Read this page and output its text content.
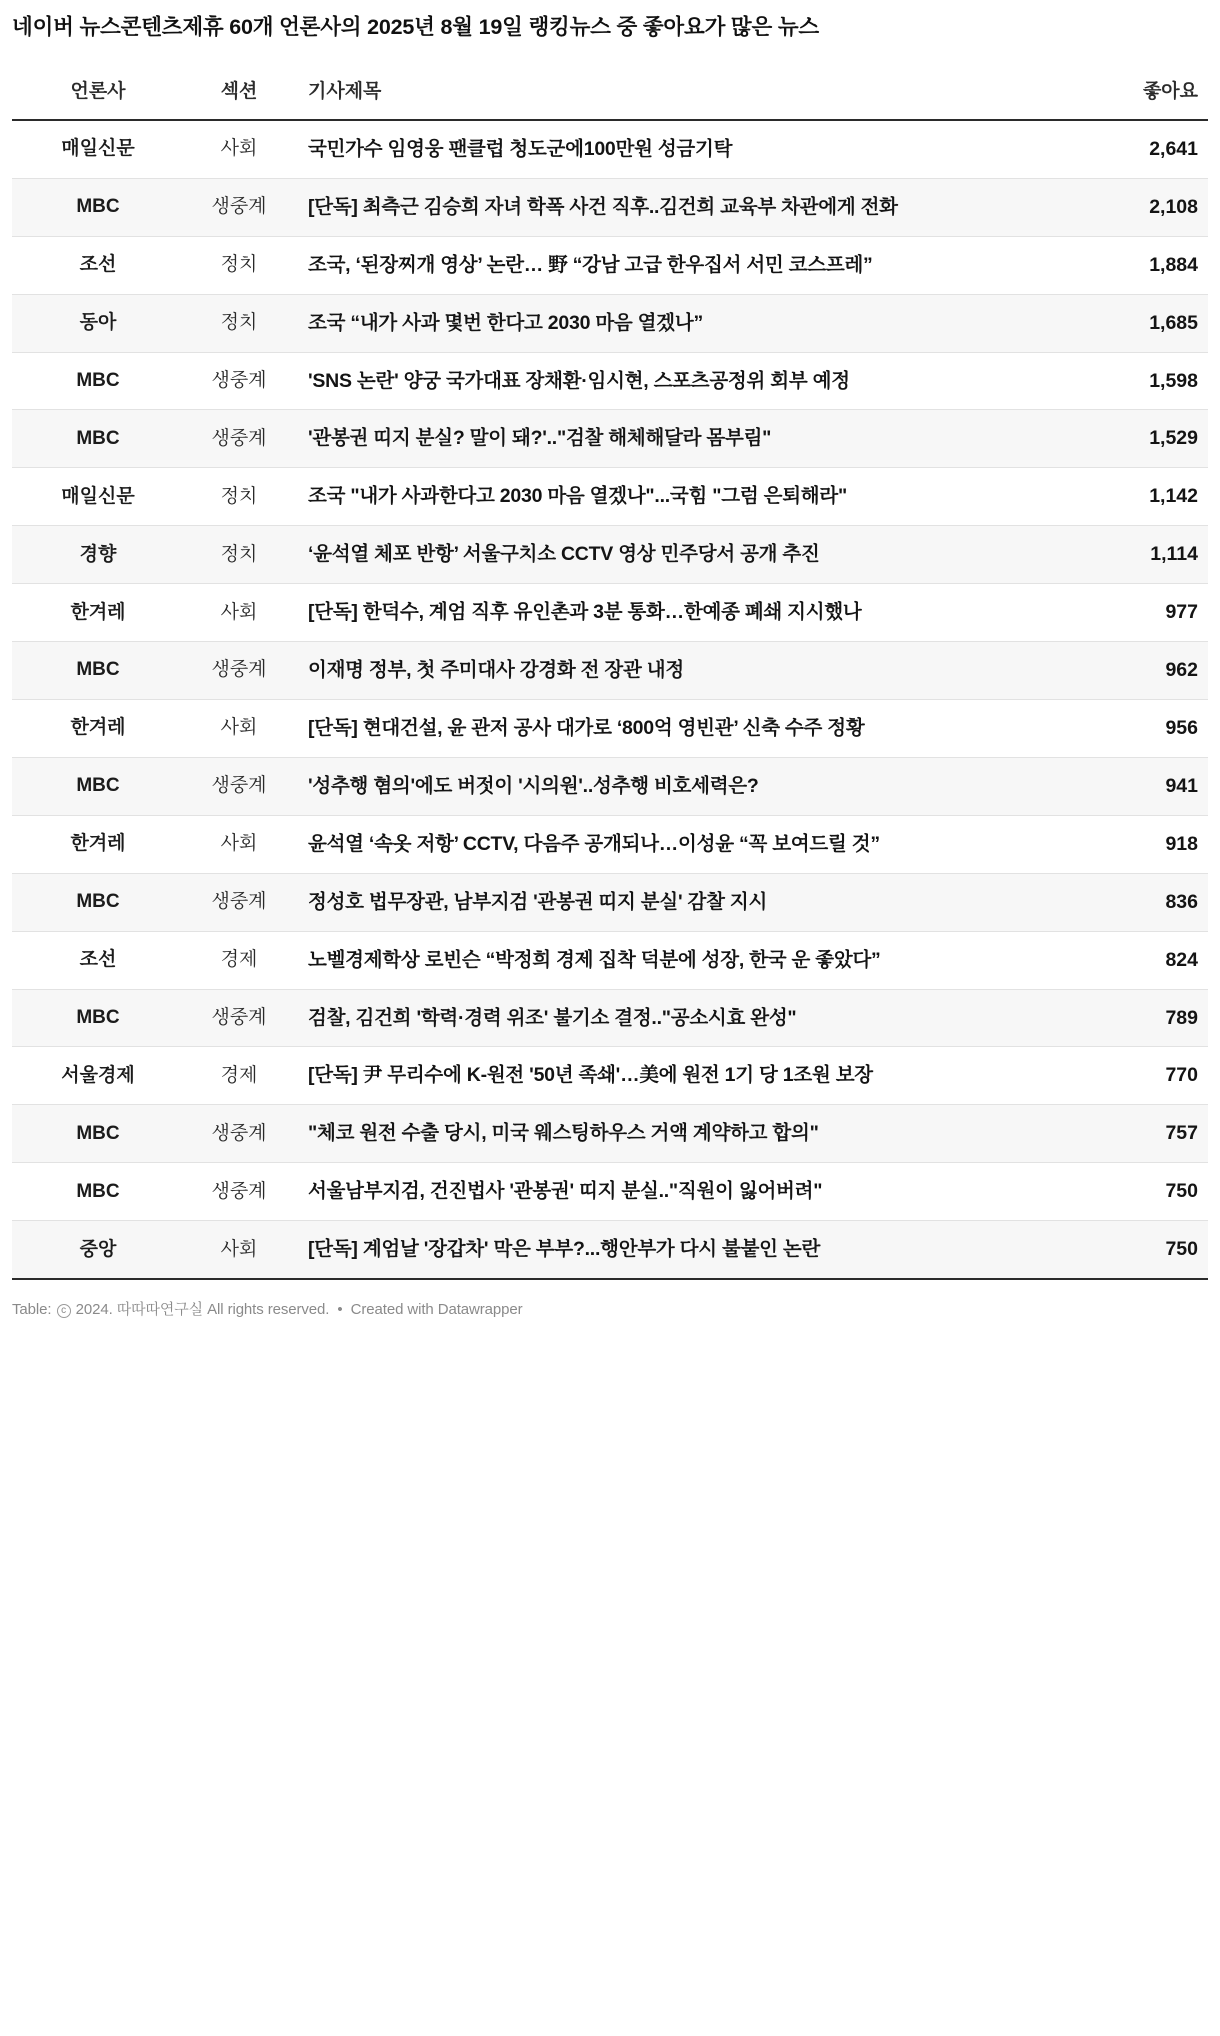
네이버 뉴스콘텐츠제휴 60개 언론사의 2025년 8월 19일 랭킹뉴스 중 좋아요가 많은 뉴스
언론사	섹션	기사제목	좋아요
매일신문	사회	국민가수 임영웅 팬클럽 청도군에100만원 성금기탁	2,641
MBC	생중계	[단독] 최측근 김승희 자녀 학폭 사건 직후..김건희 교육부 차관에게 전화	2,108
조선	정치	조국, ‘된장찌개 영상’ 논란… 野 “강남 고급 한우집서 서민 코스프레”	1,884
동아	정치	조국 “내가 사과 몇번 한다고 2030 마음 열겠나”	1,685
MBC	생중계	'SNS 논란' 양궁 국가대표 장채환·임시현, 스포츠공정위 회부 예정	1,598
MBC	생중계	'관봉권 띠지 분실? 말이 돼?'.."검찰 해체해달라 몸부림"	1,529
매일신문	정치	조국 "내가 사과한다고 2030 마음 열겠나"...국힘 "그럼 은퇴해라"	1,142
경향	정치	‘윤석열 체포 반항’ 서울구치소 CCTV 영상 민주당서 공개 추진	1,114
한겨레	사회	[단독] 한덕수, 계엄 직후 유인촌과 3분 통화…한예종 폐쇄 지시했나	977
MBC	생중계	이재명 정부, 첫 주미대사 강경화 전 장관 내정	962
한겨레	사회	[단독] 현대건설, 윤 관저 공사 대가로 ‘800억 영빈관’ 신축 수주 정황	956
MBC	생중계	'성추행 혐의'에도 버젓이 '시의원'..성추행 비호세력은?	941
한겨레	사회	윤석열 ‘속옷 저항’ CCTV, 다음주 공개되나…이성윤 “꼭 보여드릴 것”	918
MBC	생중계	정성호 법무장관, 남부지검 '관봉권 띠지 분실' 감찰 지시	836
조선	경제	노벨경제학상 로빈슨 “박정희 경제 집착 덕분에 성장, 한국 운 좋았다”	824
MBC	생중계	검찰, 김건희 '학력·경력 위조' 불기소 결정.."공소시효 완성"	789
서울경제	경제	[단독] 尹 무리수에 K-원전 '50년 족쇄'…美에 원전 1기 당 1조원 보장	770
MBC	생중계	"체코 원전 수출 당시, 미국 웨스팅하우스 거액 계약하고 합의"	757
MBC	생중계	서울남부지검, 건진법사 '관봉권' 띠지 분실.."직원이 잃어버려"	750
중앙	사회	[단독] 계엄날 '장갑차' 막은 부부?...행안부가 다시 불붙인 논란	750
Table: c 2024. 따따따연구실 All rights reserved. • Created with Datawrapper
